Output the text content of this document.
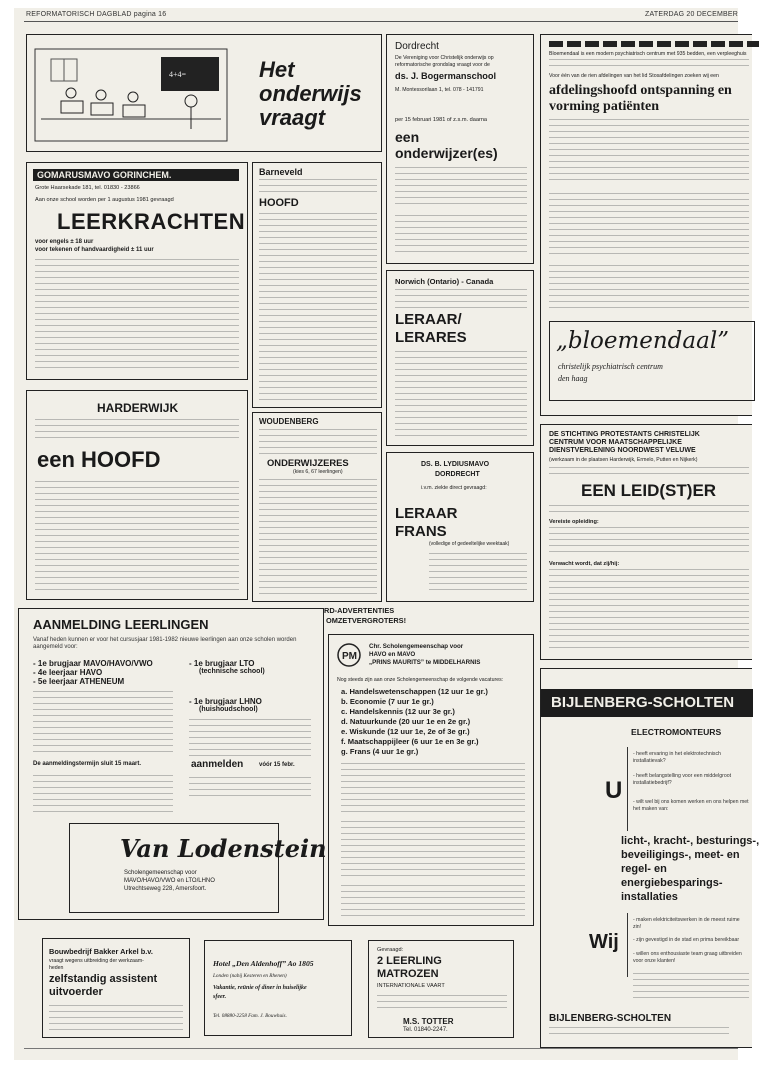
REFORMATORISCH DAGBLAD pagina 16	ZATERDAG 20 DECEMBER
4+4=	Het
onderwijs
vraagt
GOMARUSMAVO GORINCHEM.
Grote Haarsekade 181, tel. 01830 - 23866
Aan onze school worden per 1 augustus 1981 gevraagd
LEERKRACHTEN
voor engels ± 18 uur
voor tekenen of handvaardigheid ± 11 uur
HARDERWIJK
een HOOFD
AANMELDING LEERLINGEN
Vanaf heden kunnen er voor het cursusjaar 1981-1982 nieuwe leerlingen aan onze scholen worden aangemeld voor:
- 1e brugjaar MAVO/HAVO/VWO
- 4e leerjaar HAVO
- 5e leerjaar ATHENEUM
- 1e brugjaar LTO
(technische school)
- 1e brugjaar LHNO
(huishoudschool)
De aanmeldingstermijn sluit 15 maart.	aanmelden	vóór 15 febr.
Van Lodenstein
Scholengemeenschap voor
MAVO/HAVO/VWO en LTO/LHNO
Utrechtseweg 228, Amersfoort.
Bouwbedrijf Bakker Arkel b.v.
vraagt wegens uitbreiding der werkzaam-
heden
zelfstandig assistent
uitvoerder
Hotel „Den Aldenhoff” Ao 1805
Londen (nabij Kesteren en Rhenen)
Vakantie, reünie of diner in huiselijke
sfeer.
Tel. 08880-2258 Fam. J. Bouwhuis.
Gevraagd:
2 LEERLING
MATROZEN
INTERNATIONALE VAART
M.S. TOTTER
Tel. 01840-2247.
Barneveld
HOOFD
WOUDENBERG
ONDERWIJZERES
(kies 6, 67 leerlingen)
RD-ADVERTENTIES
OMZETVERGROTERS!
Dordrecht
De Vereniging voor Christelijk onderwijs op
reformatorische grondslag vraagt voor de
ds. J. Bogermanschool
M. Montessorilaan 1, tel. 078 - 141791
per 15 februari 1981 of z.s.m. daarna
een
onderwijzer(es)
Norwich (Ontario) - Canada
LERAAR/
LERARES
DS. B. LYDIUSMAVO
DORDRECHT
i.v.m. ziekte direct gevraagd:
LERAAR
FRANS
(volledige of gedeeltelijke weektaak)
PM
Chr. Scholengemeenschap voor
HAVO en MAVO
„PRINS MAURITS” te MIDDELHARNIS
Nog steeds zijn aan onze Scholengemeenschap de volgende vacatures:
a. Handelswetenschappen (12 uur 1e gr.)
b. Economie (7 uur 1e gr.)
c. Handelskennis (12 uur 3e gr.)
d. Natuurkunde (20 uur 1e en 2e gr.)
e. Wiskunde (12 uur 1e, 2e of 3e gr.)
f. Maatschappijleer (6 uur 1e en 3e gr.)
g. Frans (4 uur 1e gr.)
Bloemendaal is een modern psychiatrisch centrum met 935 bedden, een verpleeghuis
Voor één van de rien afdelingen van het lid Stosafdelingen zoeken wij een
afdelingshoofd ontspanning en
vorming patiënten
„bloemendaal”
christelijk psychiatrisch centrum
den haag
DE STICHTING PROTESTANTS CHRISTELIJK
CENTRUM VOOR MAATSCHAPPELIJKE
DIENSTVERLENING NOORDWEST VELUWE
(werkzaam in de plaatsen Harderwijk, Ermelo, Putten en Nijkerk)
EEN LEID(ST)ER
Vereiste opleiding:
Verwacht wordt, dat zij/hij:
BIJLENBERG-SCHOLTEN
ELECTROMONTEURS
U
- heeft ervaring in het elektrotechnisch installatievak?
- heeft belangstelling voor een middelgroot installatiebedrijf?
- wilt wel bij ons komen werken en ons helpen met het maken van:
licht-, kracht-, besturings-,
beveiligings-, meet- en
regel- en
energiebesparings-
installaties
Wij
- maken elektriciteitswerken in de meest ruime zin!
- zijn gevestigd in de stad en prima bereikbaar
- willen ons enthousiaste team graag uitbreiden voor onze klanten!
BIJLENBERG-SCHOLTEN
